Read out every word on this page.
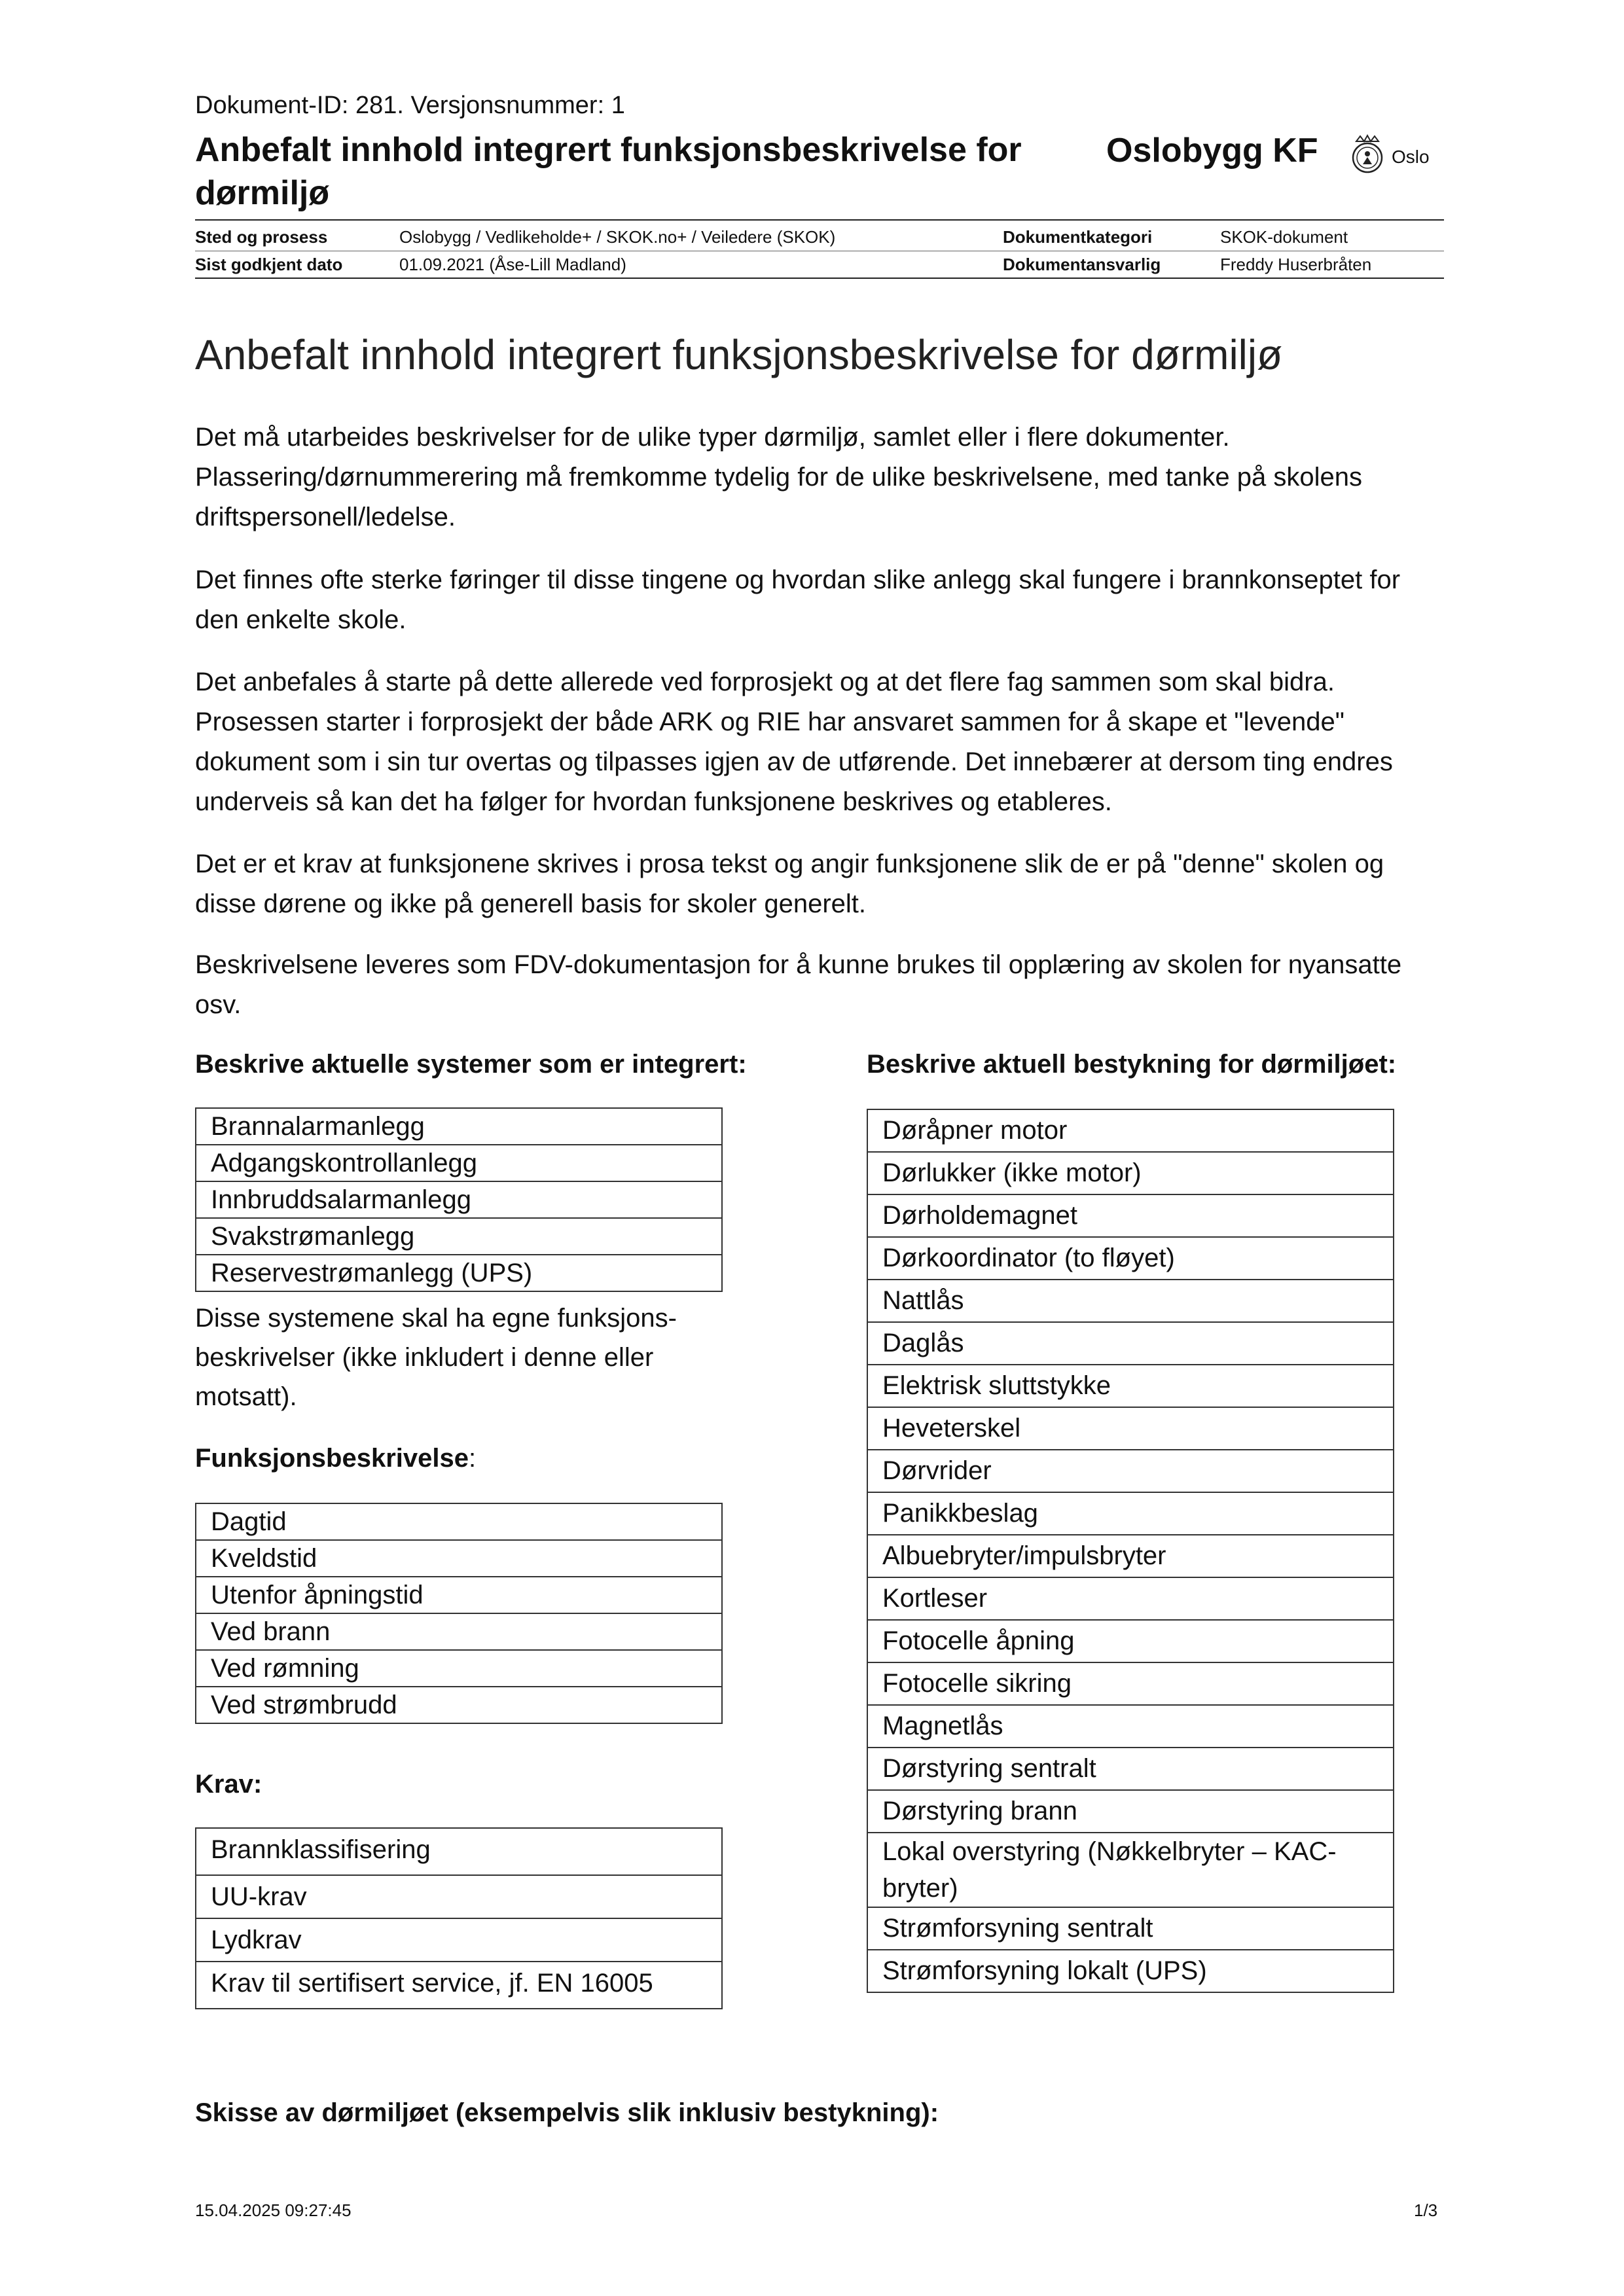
Dokument-ID: 281. Versjonsnummer: 1
Anbefalt innhold integrert funksjonsbeskrivelse for dørmiljø
Oslobygg KF	Oslo
Sted og prosess	Oslobygg / Vedlikeholde+ / SKOK.no+ / Veiledere (SKOK)	Dokumentkategori	SKOK-dokument
Sist godkjent dato	01.09.2021 (Åse-Lill Madland)	Dokumentansvarlig	Freddy Huserbråten
Anbefalt innhold integrert funksjonsbeskrivelse for dørmiljø
Det må utarbeides beskrivelser for de ulike typer dørmiljø, samlet eller i flere dokumenter. Plassering/dørnummerering må fremkomme tydelig for de ulike beskrivelsene, med tanke på skolens driftspersonell/ledelse.
Det finnes ofte sterke føringer til disse tingene og hvordan slike anlegg skal fungere i brannkonseptet for den enkelte skole.
Det anbefales å starte på dette allerede ved forprosjekt og at det flere fag sammen som skal bidra. Prosessen starter i forprosjekt der både ARK og RIE har ansvaret sammen for å skape et "levende" dokument som i sin tur overtas og tilpasses igjen av de utførende. Det innebærer at dersom ting endres underveis så kan det ha følger for hvordan funksjonene beskrives og etableres.
Det er et krav at funksjonene skrives i prosa tekst og angir funksjonene slik de er på "denne" skolen og disse dørene og ikke på generell basis for skoler generelt.
Beskrivelsene leveres som FDV-dokumentasjon for å kunne brukes til opplæring av skolen for nyansatte osv.
Beskrive aktuelle systemer som er integrert:
Brannalarmanlegg
Adgangskontrollanlegg
Innbruddsalarmanlegg
Svakstrømanlegg
Reservestrømanlegg (UPS)
Disse systemene skal ha egne funksjons-beskrivelser (ikke inkludert i denne eller motsatt).
Funksjonsbeskrivelse:
Dagtid
Kveldstid
Utenfor åpningstid
Ved brann
Ved rømning
Ved strømbrudd
Krav:
Brannklassifisering
UU-krav
Lydkrav
Krav til sertifisert service, jf. EN 16005
Beskrive aktuell bestykning for dørmiljøet:
Døråpner motor
Dørlukker (ikke motor)
Dørholdemagnet
Dørkoordinator (to fløyet)
Nattlås
Daglås
Elektrisk sluttstykke
Heveterskel
Dørvrider
Panikkbeslag
Albuebryter/impulsbryter
Kortleser
Fotocelle åpning
Fotocelle sikring
Magnetlås
Dørstyring sentralt
Dørstyring brann
Lokal overstyring (Nøkkelbryter – KAC-bryter)
Strømforsyning sentralt
Strømforsyning lokalt (UPS)
Skisse av dørmiljøet (eksempelvis slik inklusiv bestykning):
15.04.2025 09:27:45	1/3
